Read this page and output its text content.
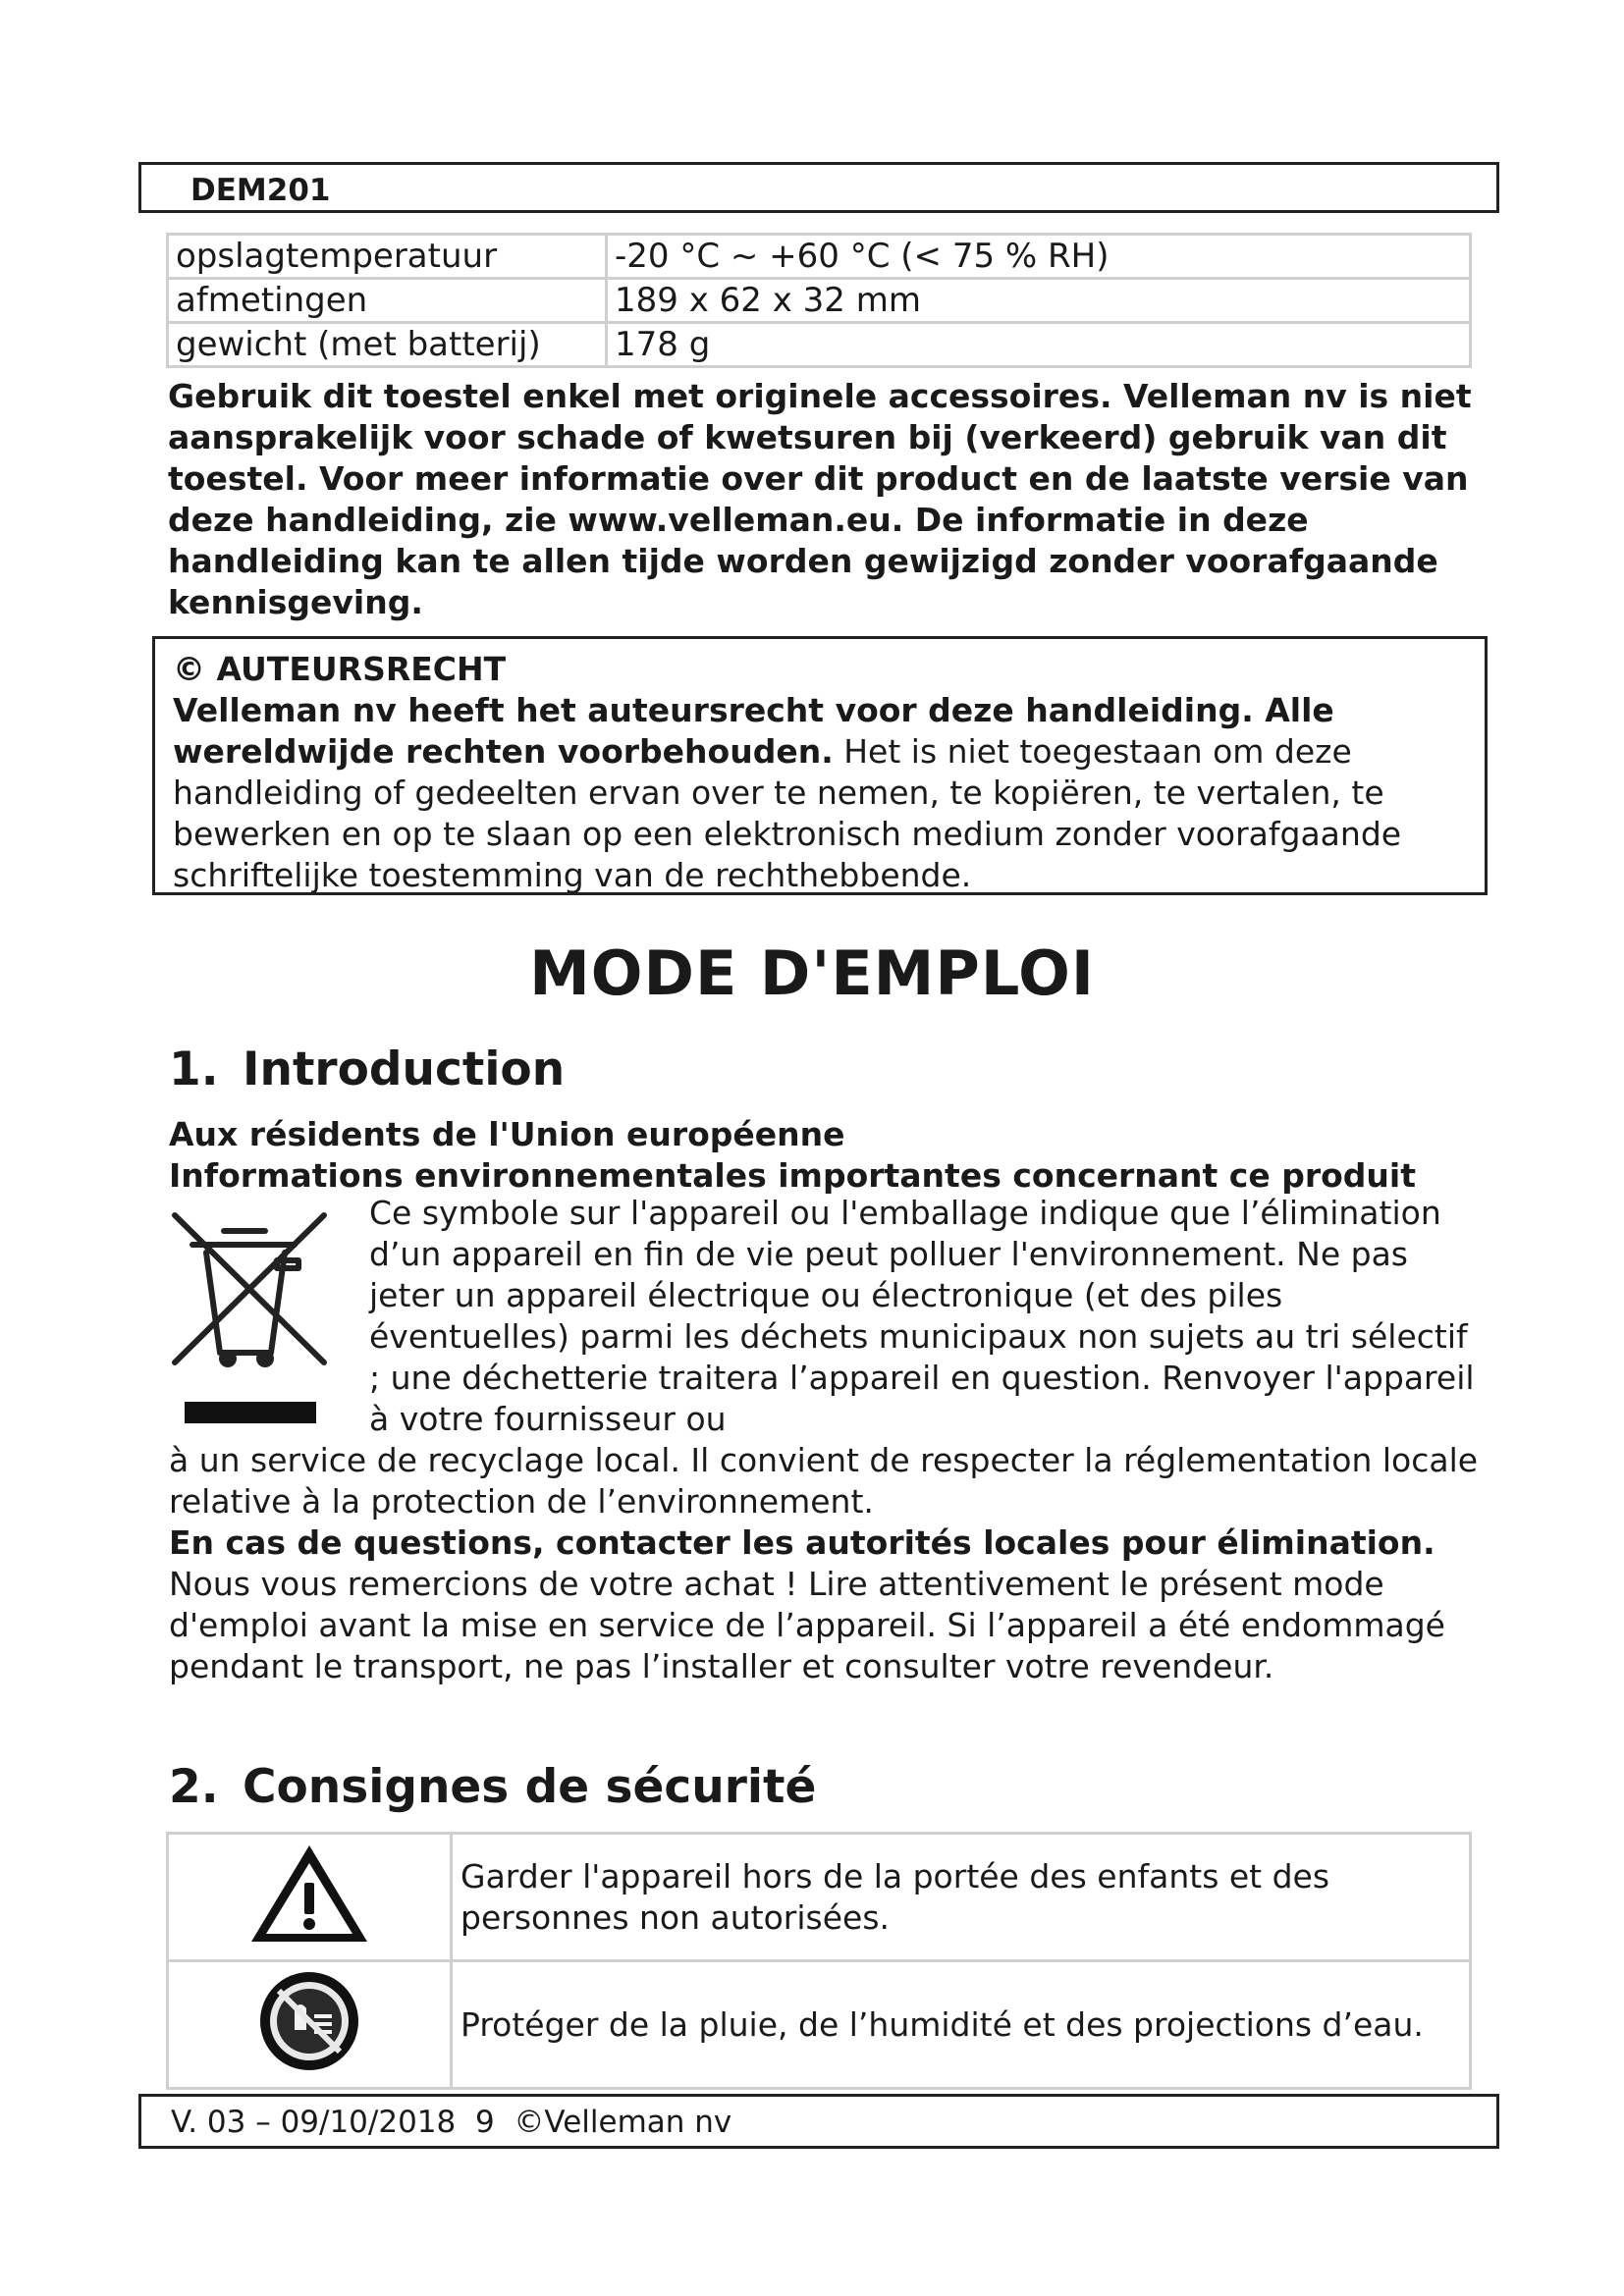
DEM201
opslagtemperatuur	-20 °C ~ +60 °C (< 75 % RH)
afmetingen	189 x 62 x 32 mm
gewicht (met batterij)	178 g
Gebruik dit toestel enkel met originele accessoires. Velleman nv is niet aansprakelijk voor schade of kwetsuren bij (verkeerd) gebruik van dit toestel. Voor meer informatie over dit product en de laatste versie van deze handleiding, zie www.velleman.eu. De informatie in deze handleiding kan te allen tijde worden gewijzigd zonder voorafgaande kennisgeving.
© AUTEURSRECHT
Velleman nv heeft het auteursrecht voor deze handleiding. Alle wereldwijde rechten voorbehouden. Het is niet toegestaan om deze handleiding of gedeelten ervan over te nemen, te kopiëren, te vertalen, te bewerken en op te slaan op een elektronisch medium zonder voorafgaande schriftelijke toestemming van de rechthebbende.
MODE D'EMPLOI
1. Introduction
Aux résidents de l'Union européenne
Informations environnementales importantes concernant ce produit
Ce symbole sur l'appareil ou l'emballage indique que l’élimination d’un appareil en fin de vie peut polluer l'environnement. Ne pas jeter un appareil électrique ou électronique (et des piles éventuelles) parmi les déchets municipaux non sujets au tri sélectif ; une déchetterie traitera l’appareil en question. Renvoyer l'appareil à votre fournisseur ou
à un service de recyclage local. Il convient de respecter la réglementation locale relative à la protection de l’environnement.
En cas de questions, contacter les autorités locales pour élimination.
Nous vous remercions de votre achat ! Lire attentivement le présent mode d'emploi avant la mise en service de l’appareil. Si l’appareil a été endommagé pendant le transport, ne pas l’installer et consulter votre revendeur.
2. Consignes de sécurité
	Garder l'appareil hors de la portée des enfants et des personnes non autorisées.
	Protéger de la pluie, de l’humidité et des projections d’eau.
V. 03 – 09/10/2018 9 ©Velleman nv
